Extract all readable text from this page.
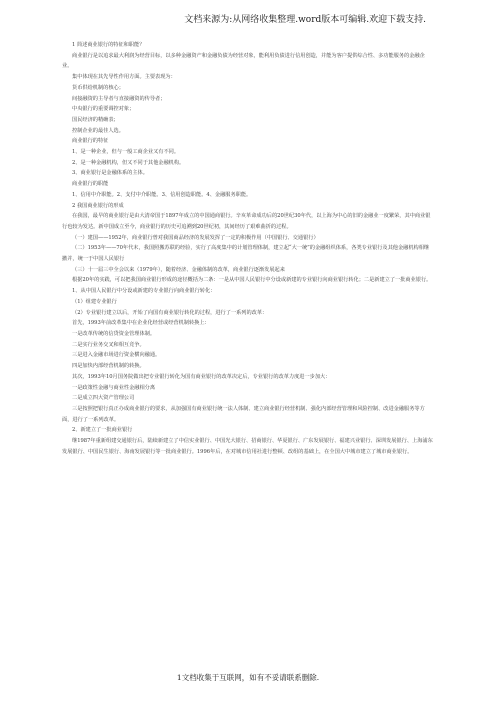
文档来源为:从网络收集整理.word版本可编辑.欢迎下载支持.

1 简述商业银行的特征和职能？

商业银行是以追求最大利润为经营目标，以多种金融资产和金融负债为经营对象，能利用负债进行信用创造，并能为客户提供综合性、多功能服务的金融企业。

集中体现在其先导性作用方面。主要表现为：

货币供给机制的核心；

间接融资的主导者与直接融资的传导者；

中央银行的重要调控对象；

国民经济的精确表；

控制企业的最佳人选。

商业银行的特征

1、是一种企业，但与一般工商企业又有不同。

2、是一种金融机构，但又不同于其他金融机构。

3、商业银行是金融体系的主体。

商业银行的职能

1、信用中介职能。2、支付中介职能。3、信用创造职能。4、金融服务职能。

2 我国商业银行的形成

在我国，最早的商业银行是由大清帝国于1897年成立的中国通商银行。辛亥革命成功后的20世纪30年代，以上海为中心的旧的金融业一度繁荣，其中商业银行也较为发达。新中国成立至今，商业银行的历史可追溯到20世纪初，其间经历了艰难曲折的过程。

（一）建国——1952年，商业银行曾对我国商品经济的发展发挥了一定的积极作用（中国银行、交通银行）

（二）1953年——70年代末，我国照搬苏联的经验，实行了高度集中的计划管理体制，建立起“大一统”的金融组织体系，各类专业银行及其他金融机构相继撤并，统一于中国人民银行

（三）十一届三中全会以来（1979年），随着经济、金融体制的改革，商业银行逐渐发展起来

根据20年的实践，可以把我国商业银行形成的途径概括为二条：一是从中国人民银行中分设或新建的专业银行向商业银行转化；二是新建立了一批商业银行。

1、从中国人民银行中分设或新建的专业银行向商业银行转化：

（1）组建专业银行

（2）专业银行建立以后，开始了向国有商业银行转化的过程，进行了一系列的改革：

首先，1993年前改革集中在企业化经营或经营机制转换上：

一是改革传统的信贷资金管理体制。

二是实行业务交叉和相互竞争。

三是进入金融市场进行资金横向融通。

四是加快内部经营机制的转换。

其次，1993年10月国务院做出把专业银行转化为国有商业银行的改革决定后，专业银行的改革力度进一步加大：

一是政策性金融与商业性金融相分离

二是成立四大资产管理公司

三是按照把银行真正办成商业银行的要求，从加强国有商业银行统一法人体制、建立商业银行经营机制、强化内部经营管理和风险控制、改进金融服务等方面，进行了一系列改革。

2、新建立了一批商业银行

继1987年重新组建交通银行后，陆续新建立了中信实业银行、中国光大银行、招商银行、华夏银行、广东发展银行、福建兴业银行、深圳发展银行、上海浦东发展银行、中国民生银行、海南发展银行等一批商业银行。1996年后，在对城市信用社进行整顿、改组的基础上，在全国大中城市建立了城市商业银行。

1文档收集于互联网，如有不妥请联系删除.
